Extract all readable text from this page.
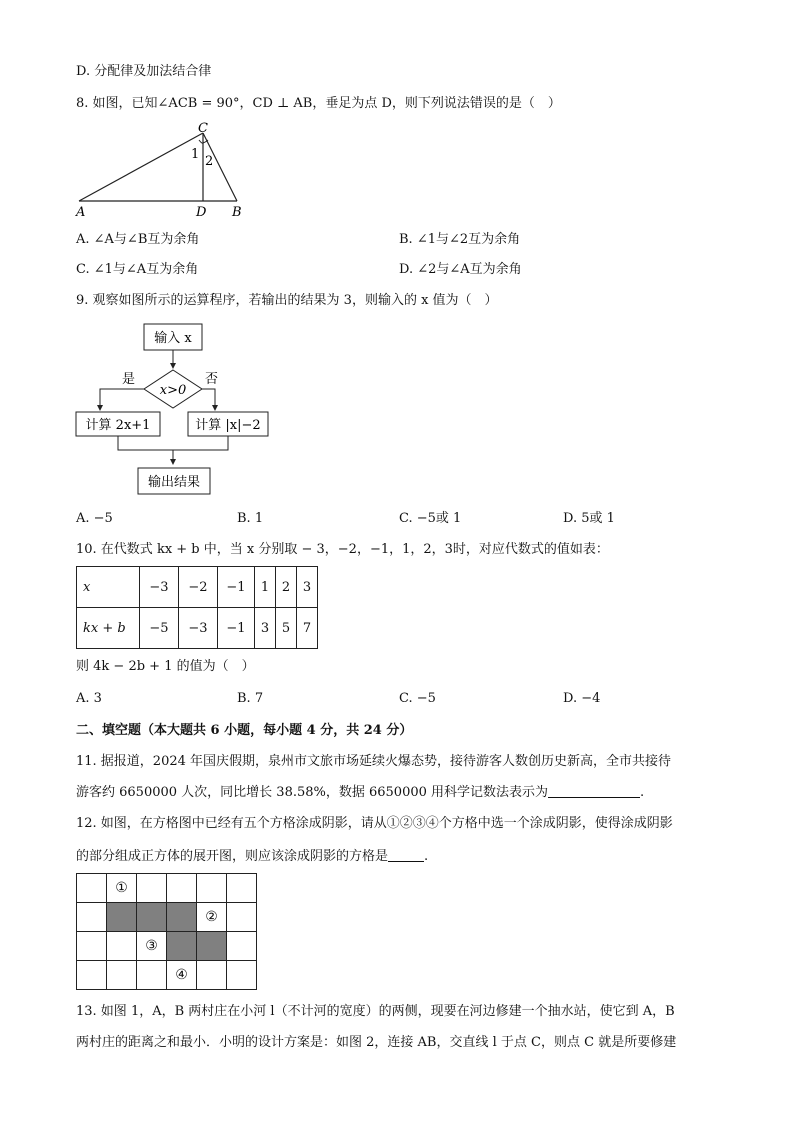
D. 分配律及加法结合律
8. 如图，已知∠ACB = 90°，CD ⊥ AB，垂足为点 D，则下列说法错误的是（　）
C
1 2
A	D B
A. ∠A与∠B互为余角	B. ∠1与∠2互为余角
C. ∠1与∠A互为余角	D. ∠2与∠A互为余角
9. 观察如图所示的运算程序，若输出的结果为 3，则输入的 x 值为（　）
输入 x
x>0
是	否
计算 2x+1	计算 |x|−2
输出结果
A. −5	B. 1	C. −5或 1	D. 5或 1
10. 在代数式 kx + b 中，当 x 分别取 − 3，−2，−1，1，2，3时，对应代数式的值如表：
x	−3	−2	−1	1	2	3
kx + b	−5	−3	−1	3	5	7
则 4k − 2b + 1 的值为（　）
A. 3	B. 7	C. −5	D. −4
二、填空题（本大题共 6 小题，每小题 4 分，共 24 分）
11. 据报道，2024 年国庆假期，泉州市文旅市场延续火爆态势，接待游客人数创历史新高，全市共接待
游客约 6650000 人次，同比增长 38.58%，数据 6650000 用科学记数法表示为	.
12. 如图，在方格图中已经有五个方格涂成阴影，请从①②③④个方格中选一个涂成阴影，使得涂成阴影
的部分组成正方体的展开图，则应该涂成阴影的方格是	.
①
②
③
④
13. 如图 1，A，B 两村庄在小河 l（不计河的宽度）的两侧，现要在河边修建一个抽水站，使它到 A，B
两村庄的距离之和最小．小明的设计方案是：如图 2，连接 AB，交直线 l 于点 C，则点 C 就是所要修建
